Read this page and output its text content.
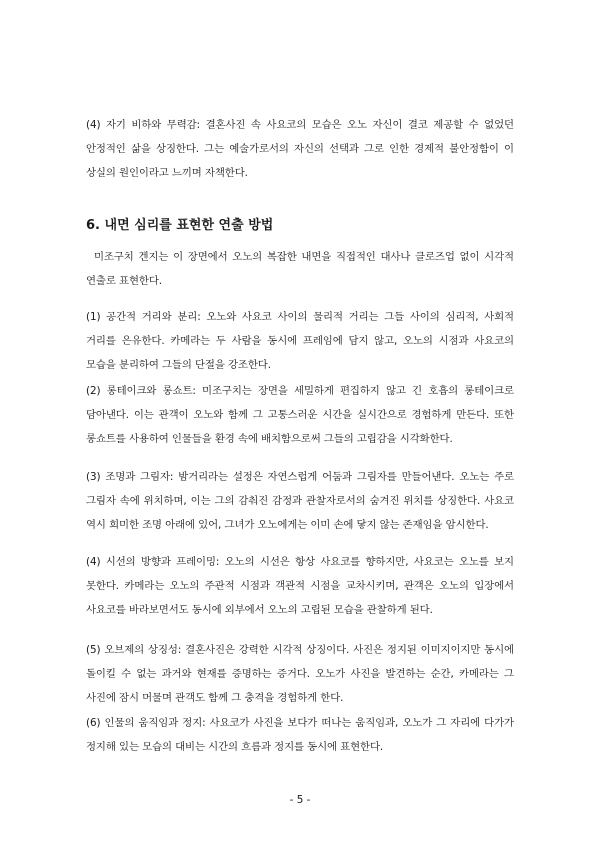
(4) 자기 비하와 무력감: 결혼사진 속 사요코의 모습은 오노 자신이 결코 제공할 수 없었던 안정적인 삶을 상징한다. 그는 예술가로서의 자신의 선택과 그로 인한 경제적 불안정함이 이 상실의 원인이라고 느끼며 자책한다.

6. 내면 심리를 표현한 연출 방법

미조구치 겐지는 이 장면에서 오노의 복잡한 내면을 직접적인 대사나 클로즈업 없이 시각적 연출로 표현한다.

(1) 공간적 거리와 분리: 오노와 사요코 사이의 물리적 거리는 그들 사이의 심리적, 사회적 거리를 은유한다. 카메라는 두 사람을 동시에 프레임에 담지 않고, 오노의 시점과 사요코의 모습을 분리하여 그들의 단절을 강조한다.

(2) 롱테이크와 롱쇼트: 미조구치는 장면을 세밀하게 편집하지 않고 긴 호흡의 롱테이크로 담아낸다. 이는 관객이 오노와 함께 그 고통스러운 시간을 실시간으로 경험하게 만든다. 또한 롱쇼트를 사용하여 인물들을 환경 속에 배치함으로써 그들의 고립감을 시각화한다.

(3) 조명과 그림자: 밤거리라는 설정은 자연스럽게 어둠과 그림자를 만들어낸다. 오노는 주로 그림자 속에 위치하며, 이는 그의 감춰진 감정과 관찰자로서의 숨겨진 위치를 상징한다. 사요코 역시 희미한 조명 아래에 있어, 그녀가 오노에게는 이미 손에 닿지 않는 존재임을 암시한다.

(4) 시선의 방향과 프레이밍: 오노의 시선은 항상 사요코를 향하지만, 사요코는 오노를 보지 못한다. 카메라는 오노의 주관적 시점과 객관적 시점을 교차시키며, 관객은 오노의 입장에서 사요코를 바라보면서도 동시에 외부에서 오노의 고립된 모습을 관찰하게 된다.

(5) 오브제의 상징성: 결혼사진은 강력한 시각적 상징이다. 사진은 정지된 이미지이지만 동시에 돌이킬 수 없는 과거와 현재를 증명하는 증거다. 오노가 사진을 발견하는 순간, 카메라는 그 사진에 잠시 머물며 관객도 함께 그 충격을 경험하게 한다.

(6) 인물의 움직임과 정지: 사요코가 사진을 보다가 떠나는 움직임과, 오노가 그 자리에 다가가 정지해 있는 모습의 대비는 시간의 흐름과 정지를 동시에 표현한다.

- 5 -
